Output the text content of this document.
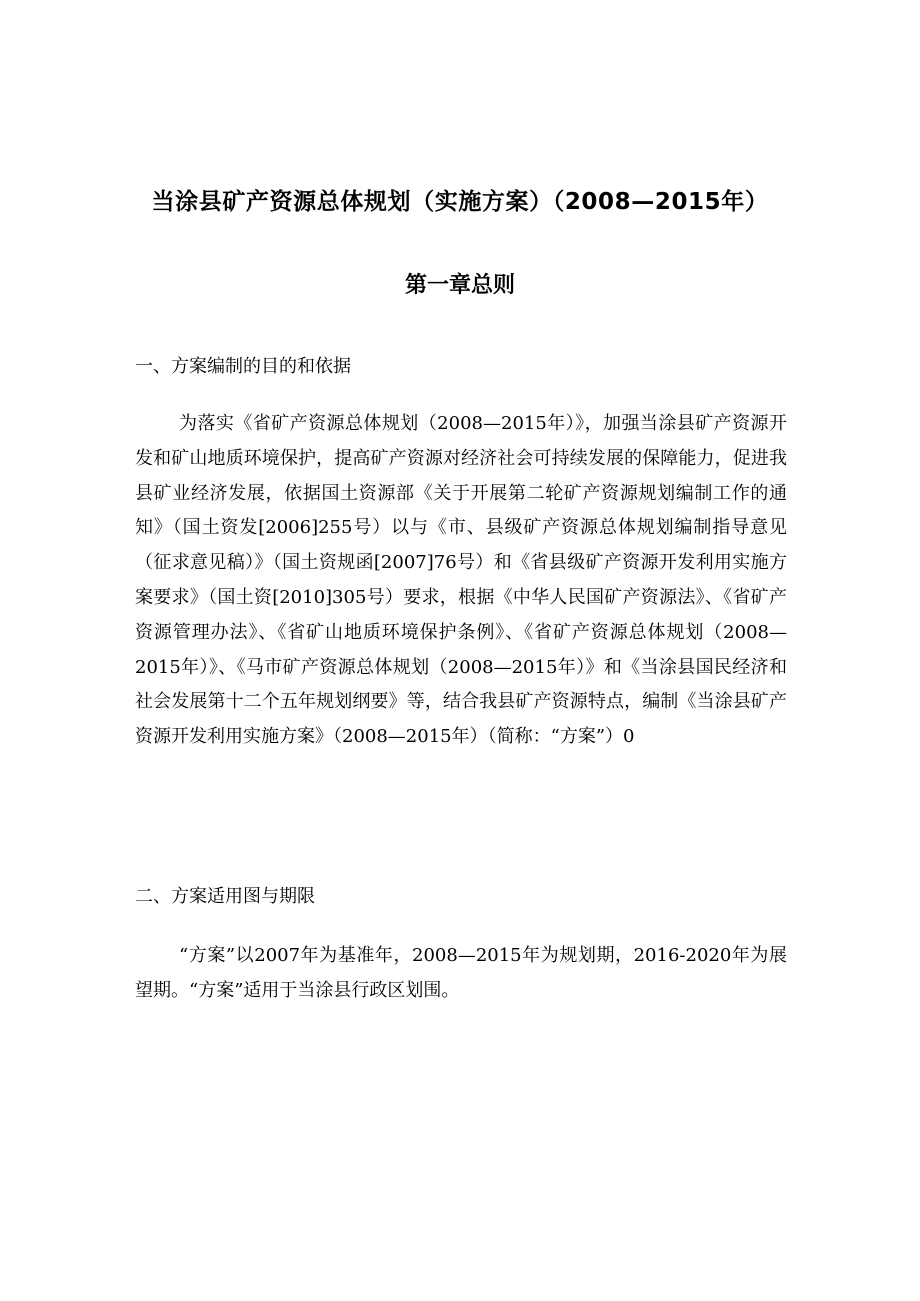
当涂县矿产资源总体规划（实施方案）（2008—2015年）
第一章总则

一、方案编制的目的和依据

为落实《省矿产资源总体规划（2008—2015年）》，加强当涂县矿产资源开发和矿山地质环境保护，提高矿产资源对经济社会可持续发展的保障能力，促进我县矿业经济发展，依据国土资源部《关于开展第二轮矿产资源规划编制工作的通知》（国土资发[2006]255号）以与《市、县级矿产资源总体规划编制指导意见（征求意见稿）》（国土资规函[2007]76号）和《省县级矿产资源开发利用实施方案要求》（国土资[2010]305号）要求，根据《中华人民国矿产资源法》、《省矿产资源管理办法》、《省矿山地质环境保护条例》、《省矿产资源总体规划（2008—2015年）》、《马市矿产资源总体规划（2008—2015年）》和《当涂县国民经济和社会发展第十二个五年规划纲要》等，结合我县矿产资源特点，编制《当涂县矿产资源开发利用实施方案》（2008—2015年）（简称：“方案”）0

二、方案适用图与期限

“方案”以2007年为基准年，2008—2015年为规划期，2016-2020年为展望期。“方案”适用于当涂县行政区划围。
